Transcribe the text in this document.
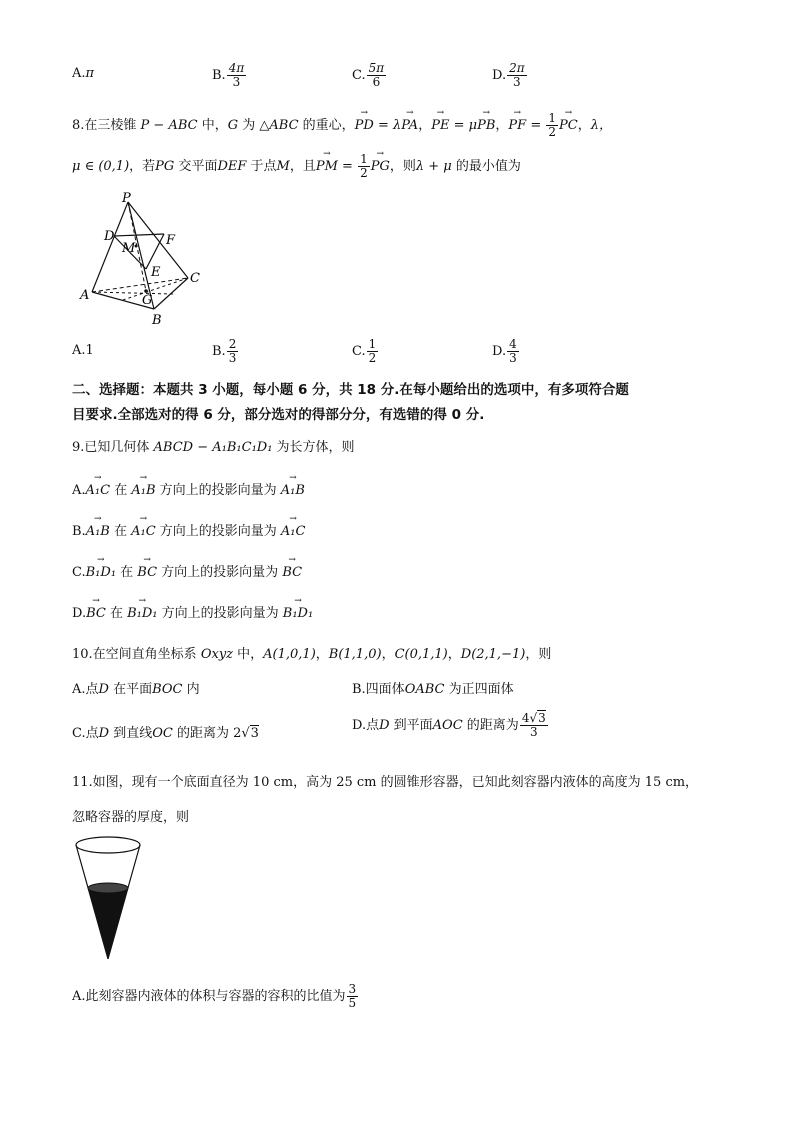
A.π	B. $\frac{4\pi}{3}$	C. $\frac{5\pi}{6}$	D. $\frac{2\pi}{3}$
8.在三棱锥 P − ABC 中，G 为 △ABC 的重心，→ PD = λ→ PA，→ PE = μ→ PB，→ PF = $\frac{1}{2}$ → PC，λ，
μ ∈ (0,1)，若PG 交平面DEF 于点M，且→ PM = $\frac{1}{2}$ → PG，则λ + μ 的最小值为
P
D
M
F
E C
A	G
B
A.1	B. $\frac{2}{3}$	C. $\frac{1}{2}$	D. $\frac{4}{3}$
二、选择题：本题共 3 小题，每小题 6 分，共 18 分.在每小题给出的选项中，有多项符合题
目要求.全部选对的得 6 分，部分选对的得部分分，有选错的得 0 分.
9.已知几何体 ABCD − A₁B₁C₁D₁ 为长方体，则
A.→ A₁C 在 → A₁B 方向上的投影向量为 → A₁B
B.→ A₁B 在 → A₁C 方向上的投影向量为 → A₁C
C.→ B₁D₁ 在 → BC 方向上的投影向量为 → BC
D.→ BC 在 → B₁D₁ 方向上的投影向量为 → B₁D₁
10.在空间直角坐标系 Oxyz 中，A(1,0,1)，B(1,1,0)，C(0,1,1)，D(2,1,−1)，则
A.点D 在平面BOC 内	B.四面体OABC 为正四面体
C.点D 到直线OC 的距离为 2√3
D.点D 到平面AOC 的距离为 $\frac{4√3}{3}$
11.如图，现有一个底面直径为 10 cm，高为 25 cm 的圆锥形容器，已知此刻容器内液体的高度为 15 cm，
忽略容器的厚度，则
A.此刻容器内液体的体积与容器的容积的比值为 $\frac{3}{5}$
